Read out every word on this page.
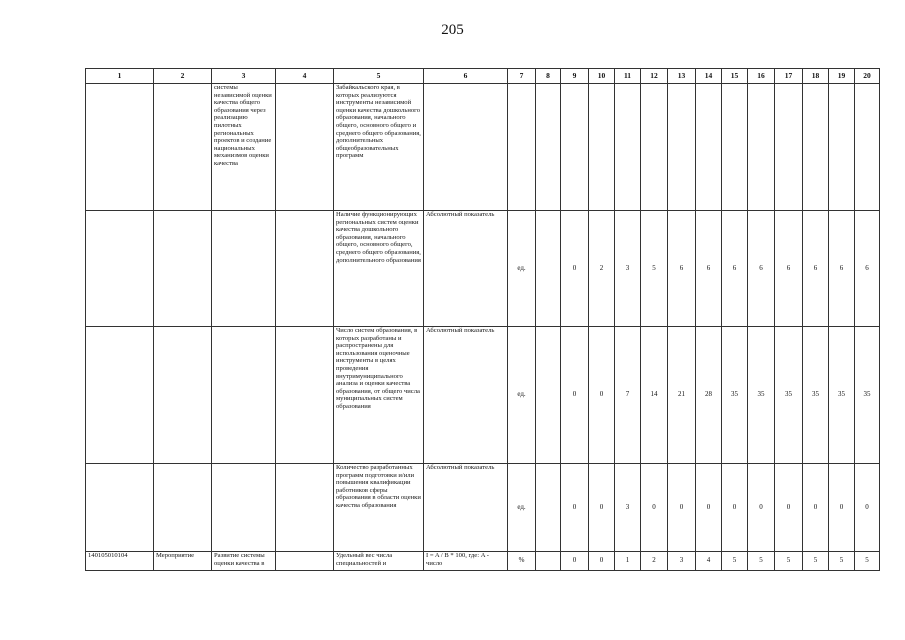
205
1	2	3	4	5	6	7	8	9	10	11	12	13	14	15	16	17	18	19	20
		системы независимой оценки качества общего образования через реализацию пилотных региональных проектов и создание национальных механизмов оценки качества		Забайкальского края, в которых реализуются инструменты независимой оценки качества дошкольного образования, начального общего, основного общего и среднего общего образования, дополнительных общеобразовательных программ															
				Наличие функционирующих региональных систем оценки качества дошкольного образования, начального общего, основного общего, среднего общего образования, дополнительного образования	Абсолютный показатель	ед.		0	2	3	5	6	6	6	6	6	6	6	6
				Число систем образования, в которых разработаны и распространены для использования оценочные инструменты в целях проведения внутримуниципального анализа и оценки качества образования, от общего числа муниципальных систем образования	Абсолютный показатель	ед.		0	0	7	14	21	28	35	35	35	35	35	35
				Количество разработанных программ подготовки и/или повышения квалификации работников сферы образования в области оценки качества образования	Абсолютный показатель	ед.		0	0	3	0	0	0	0	0	0	0	0	0
140105010104	Мероприятие	Развитие системы оценки качества в		Удельный вес числа специальностей и	I = A / B * 100, где: A - число	%		0	0	1	2	3	4	5	5	5	5	5	5
